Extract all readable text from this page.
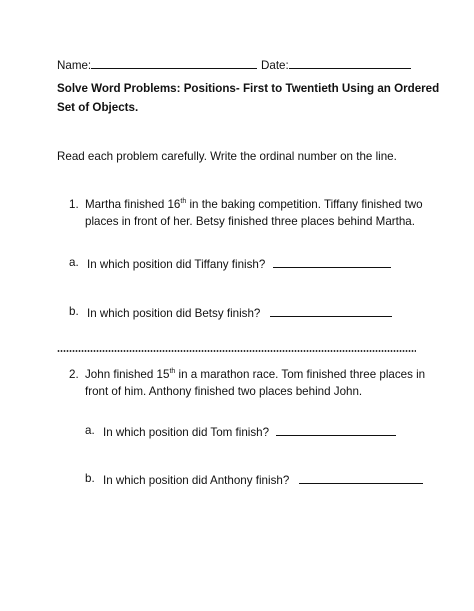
Name:	Date:
Solve Word Problems: Positions- First to Twentieth Using an Ordered
Set of Objects.
Read each problem carefully. Write the ordinal number on the line.
1. Martha finished 16th in the baking competition. Tiffany finished two
places in front of her. Betsy finished three places behind Martha.
a. In which position did Tiffany finish?
b. In which position did Betsy finish?
2. John finished 15th in a marathon race. Tom finished three places in
front of him. Anthony finished two places behind John.
a. In which position did Tom finish?
b. In which position did Anthony finish?
